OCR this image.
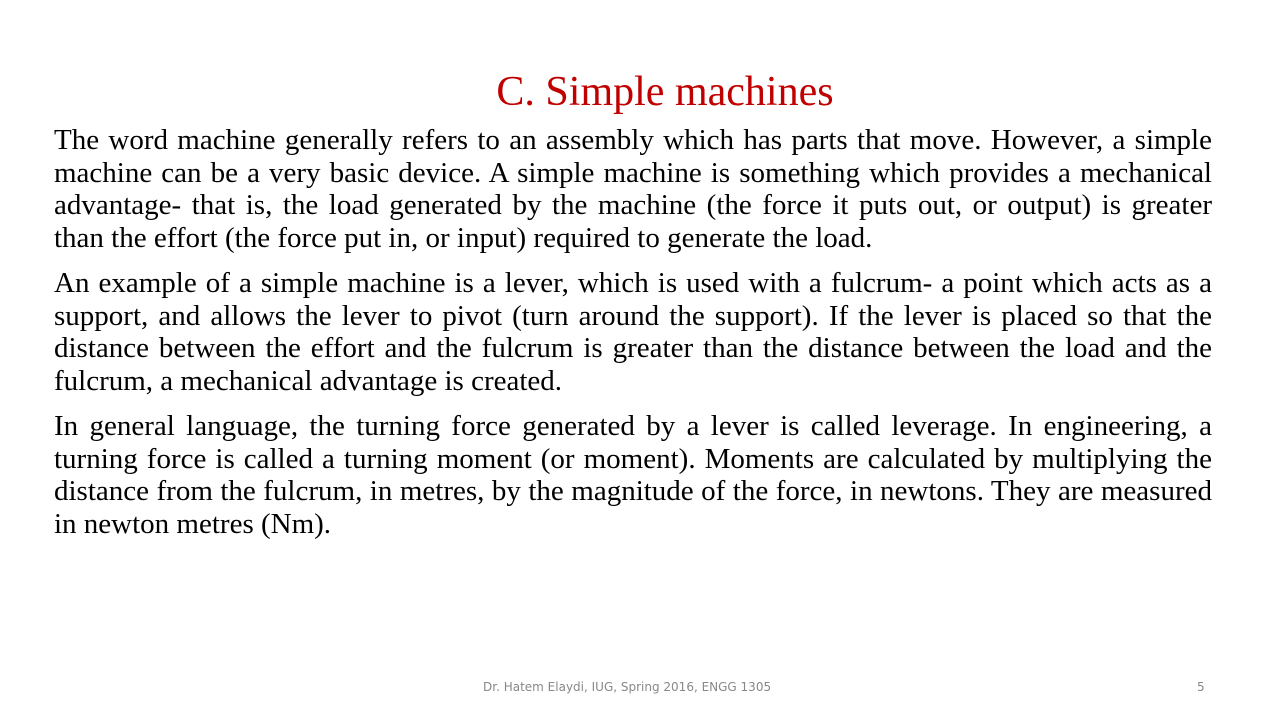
C. Simple machines

The word machine generally refers to an assembly which has parts that move. However, a simple machine can be a very basic device. A simple machine is something which provides a mechanical advantage- that is, the load generated by the machine (the force it puts out, or output) is greater than the effort (the force put in, or input) required to generate the load.

An example of a simple machine is a lever, which is used with a fulcrum- a point which acts as a support, and allows the lever to pivot (turn around the support). If the lever is placed so that the distance between the effort and the fulcrum is greater than the distance between the load and the fulcrum, a mechanical advantage is created.

In general language, the turning force generated by a lever is called leverage. In engineering, a turning force is called a turning moment (or moment). Moments are calculated by multiplying the distance from the fulcrum, in metres, by the magnitude of the force, in newtons. They are measured in newton metres (Nm).

Dr. Hatem Elaydi, IUG, Spring 2016, ENGG 1305	5
